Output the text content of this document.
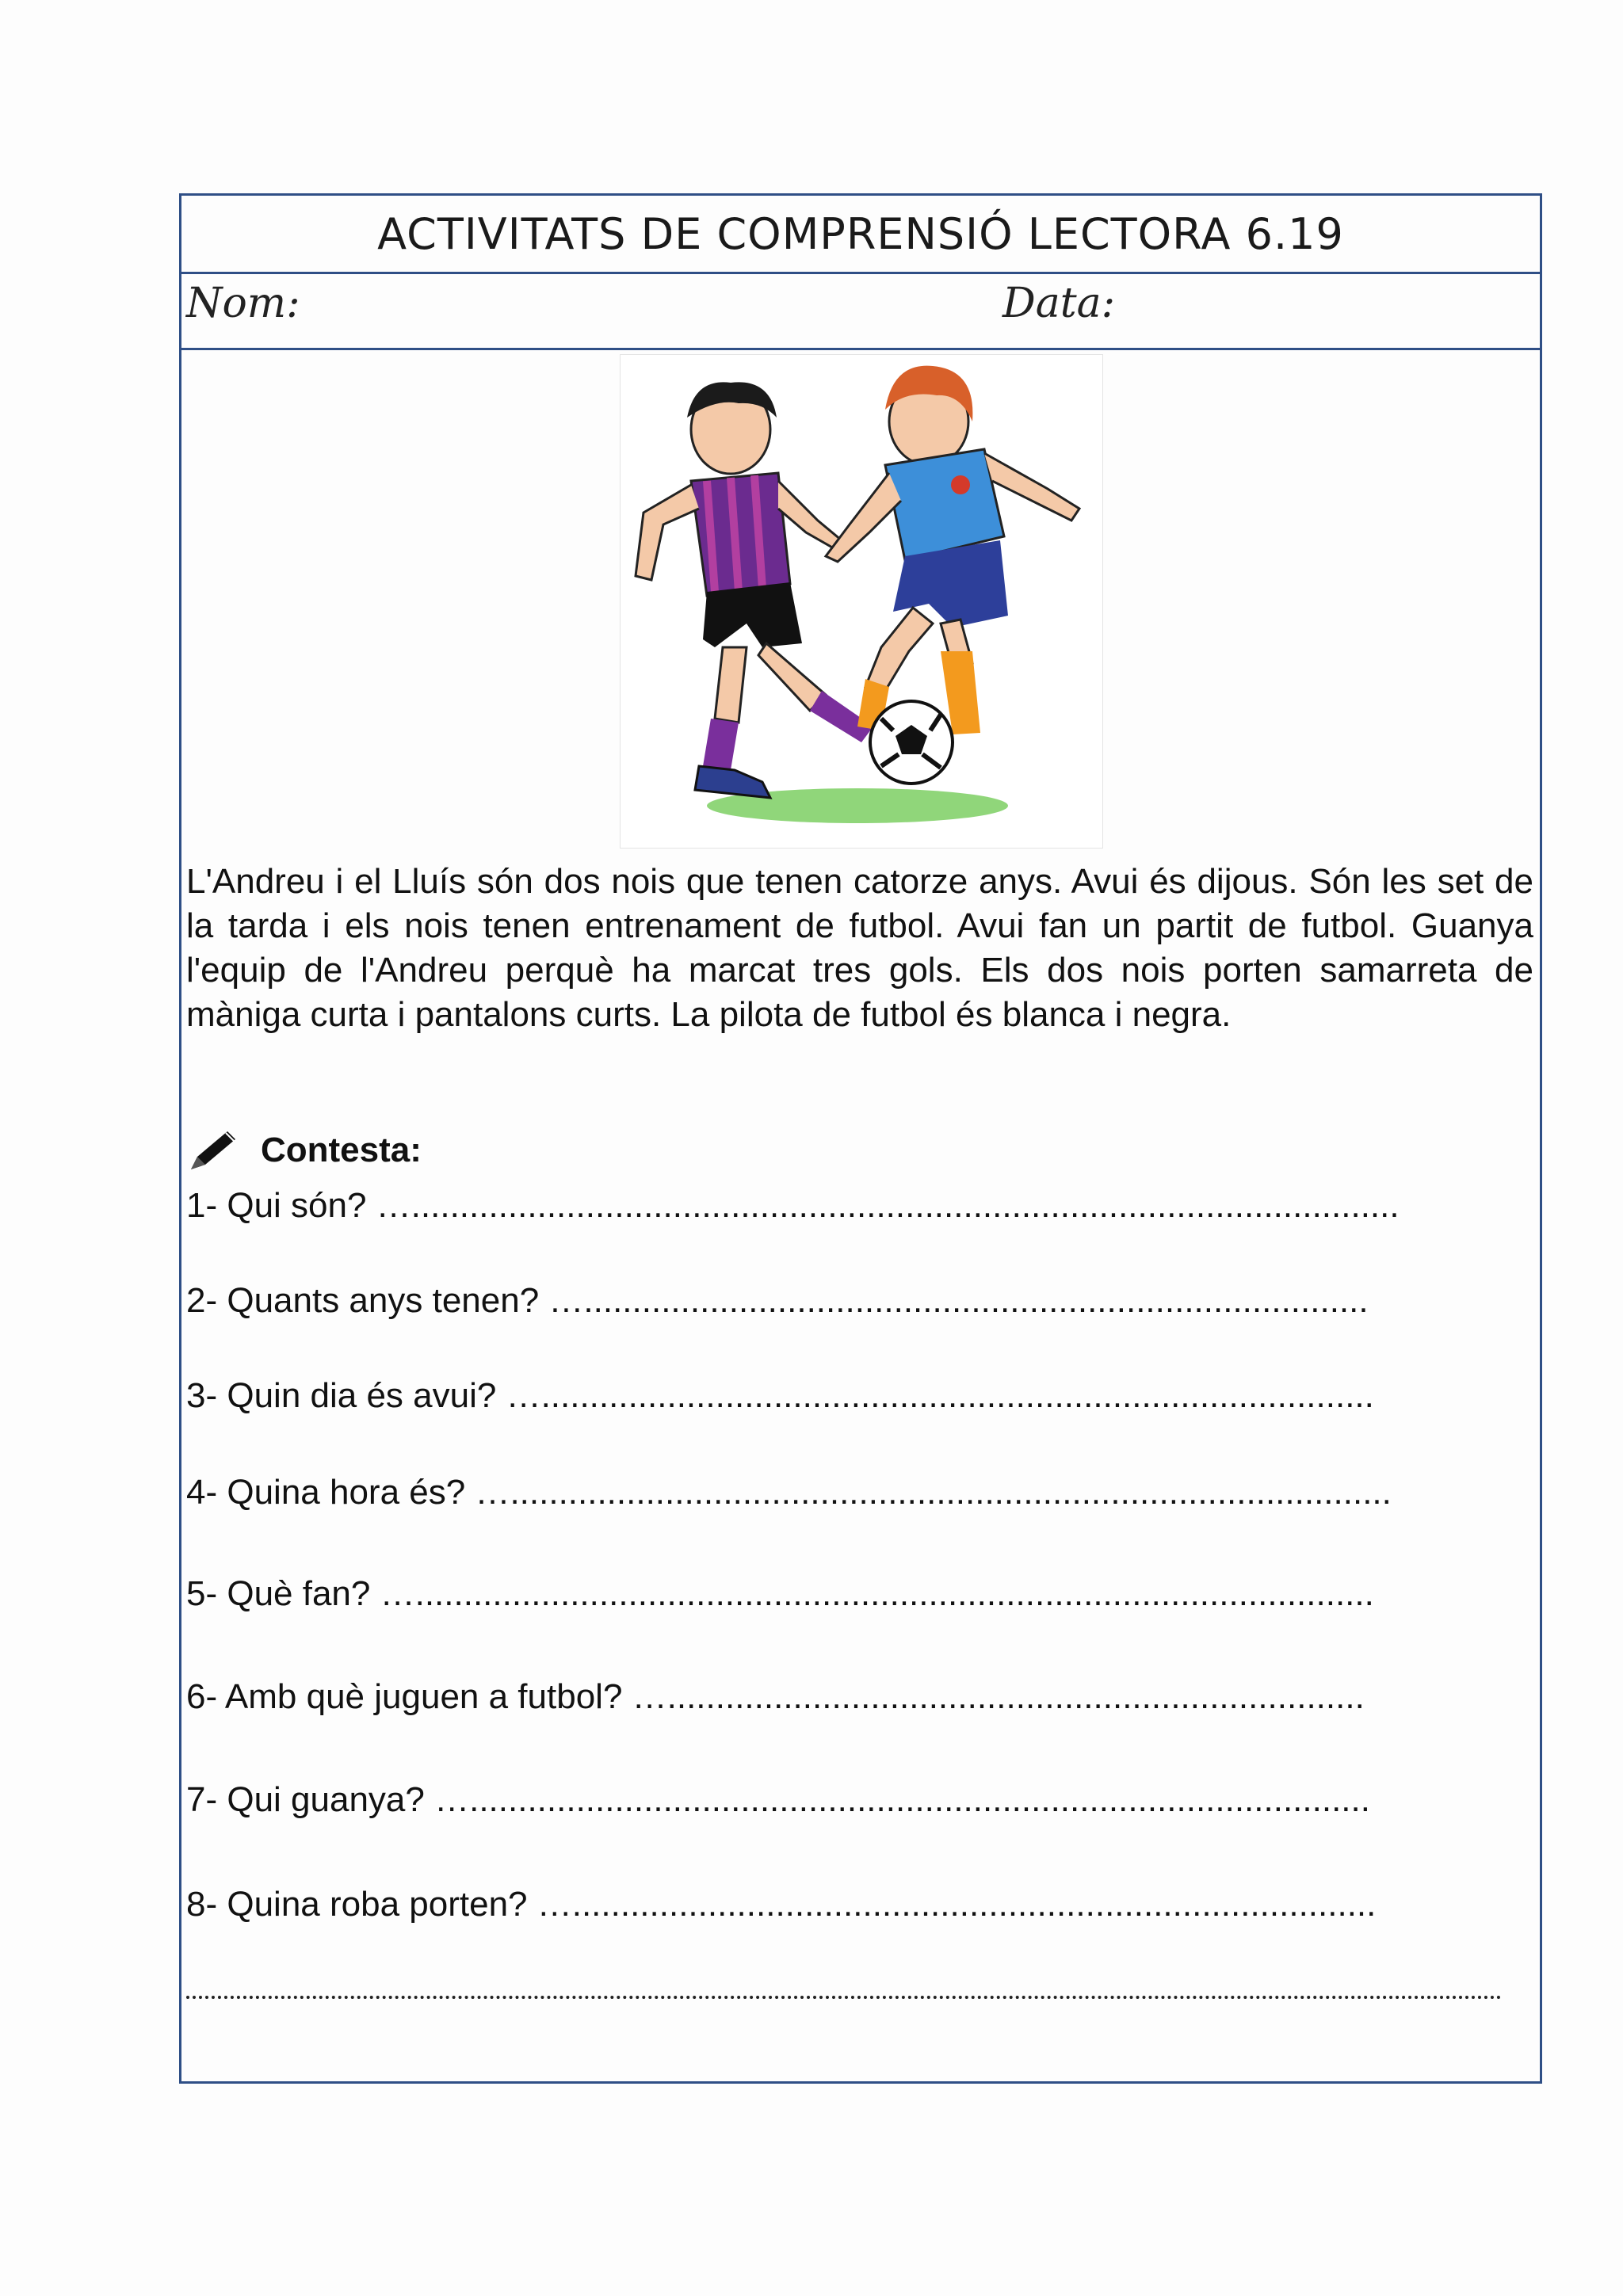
ACTIVITATS DE COMPRENSIÓ LECTORA 6.19
Nom:	Data:
L'Andreu i el Lluís són dos nois que tenen catorze anys. Avui és dijous. Són les set de la tarda i els nois tenen entrenament de futbol. Avui fan un partit de futbol. Guanya l'equip de l'Andreu perquè ha marcat tres gols. Els dos nois porten samarreta de màniga curta i pantalons curts. La pilota de futbol és blanca i negra.
Contesta:
1- Qui són? …......................................................................................................
2- Quants anys tenen? ….................................................................................
3- Quin dia és avui? …......................................................................................
4- Quina hora és? …...........................................................................................
5- Què fan? …...................................................................................................
6- Amb què juguen a futbol? …........................................................................
7- Qui guanya? ….............................................................................................
8- Quina roba porten? …...................................................................................
